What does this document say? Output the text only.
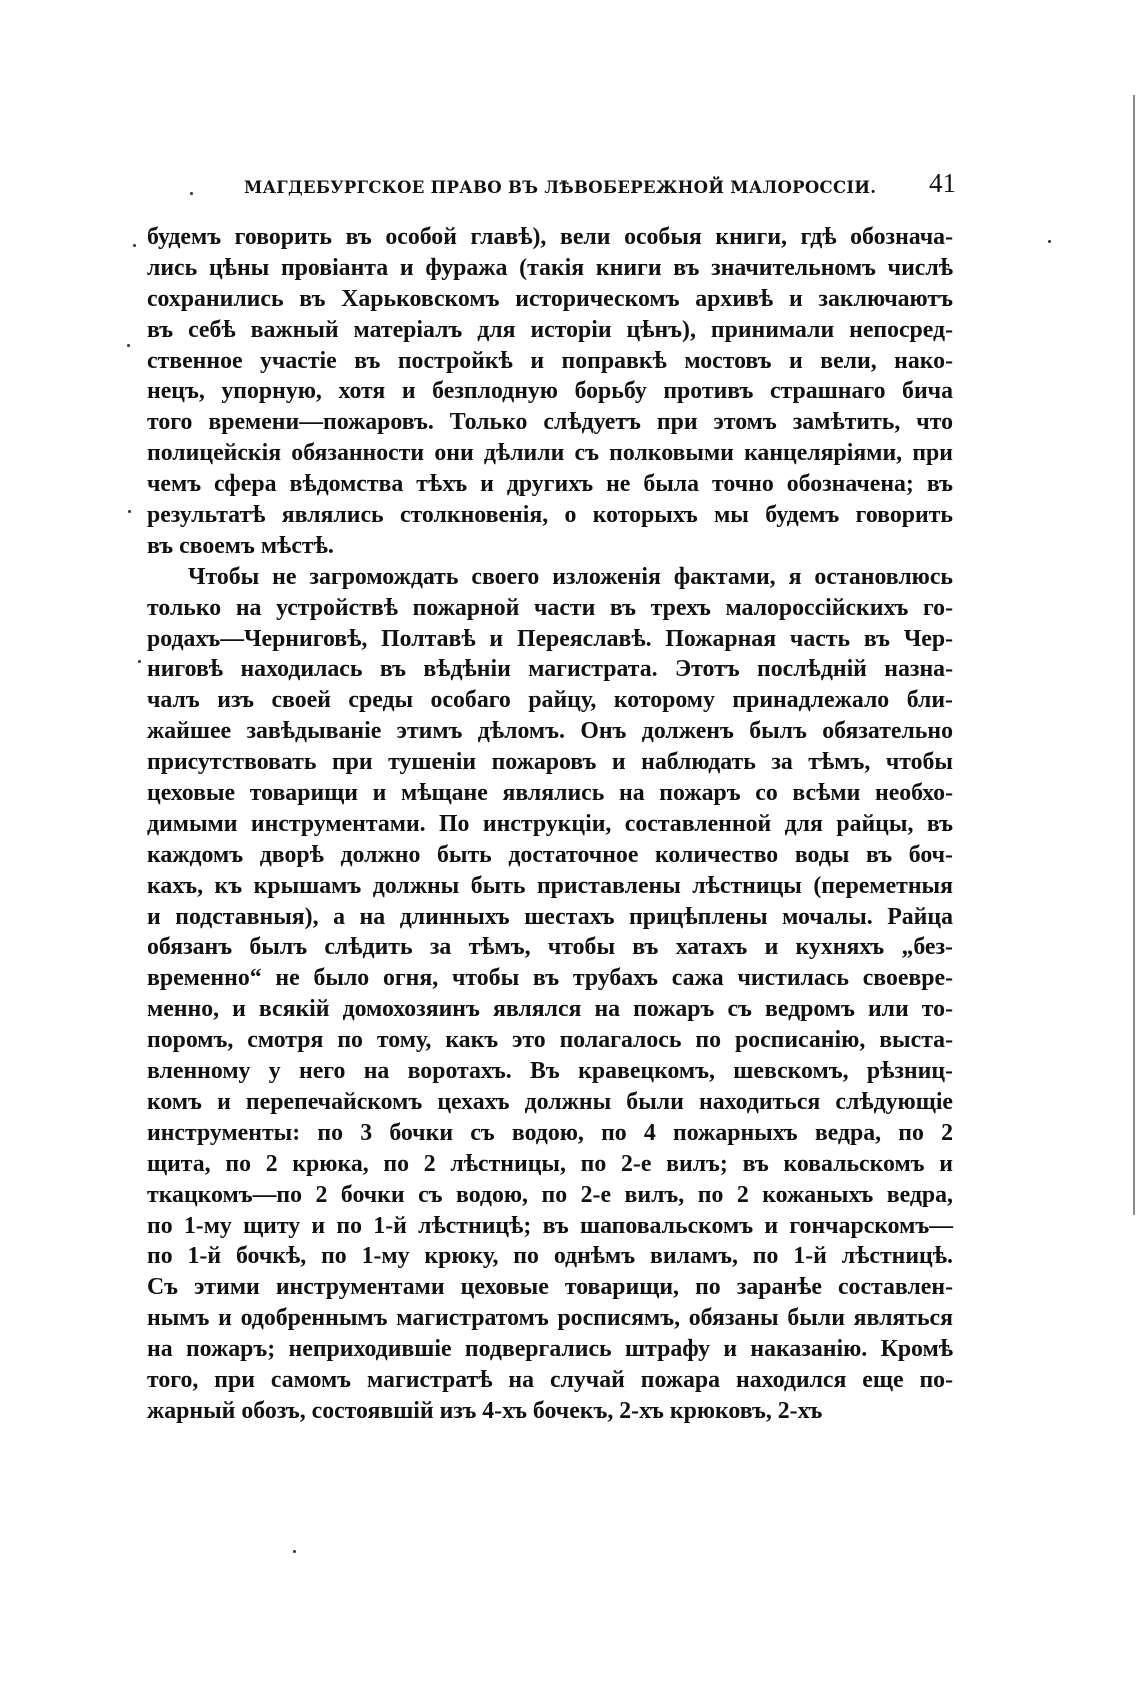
МАГДЕБУРГСКОЕ ПРАВО ВЪ ЛѢВОБЕРЕЖНОЙ МАЛОРОССІИ. 41
будемъ говорить въ особой главѣ), вели особыя книги, гдѣ обознача-
лись цѣны провіанта и фуража (такія книги въ значительномъ числѣ
сохранились въ Харьковскомъ историческомъ архивѣ и заключаютъ
въ себѣ важный матеріалъ для исторіи цѣнъ), принимали непосред-
ственное участіе въ постройкѣ и поправкѣ мостовъ и вели, нако-
нецъ, упорную, хотя и безплодную борьбу противъ страшнаго бича
того времени—пожаровъ. Только слѣдуетъ при этомъ замѣтить, что
полицейскія обязанности они дѣлили съ полковыми канцеляріями, при
чемъ сфера вѣдомства тѣхъ и другихъ не была точно обозначена; въ
результатѣ являлись столкновенія, о которыхъ мы будемъ говорить
въ своемъ мѣстѣ.
Чтобы не загромождать своего изложенія фактами, я остановлюсь
только на устройствѣ пожарной части въ трехъ малороссійскихъ го-
родахъ—Черниговѣ, Полтавѣ и Переяславѣ. Пожарная часть въ Чер-
ниговѣ находилась въ вѣдѣніи магистрата. Этотъ послѣдній назна-
чалъ изъ своей среды особаго райцу, которому принадлежало бли-
жайшее завѣдываніе этимъ дѣломъ. Онъ долженъ былъ обязательно
присутствовать при тушеніи пожаровъ и наблюдать за тѣмъ, чтобы
цеховые товарищи и мѣщане являлись на пожаръ со всѣми необхо-
димыми инструментами. По инструкціи, составленной для райцы, въ
каждомъ дворѣ должно быть достаточное количество воды въ боч-
кахъ, къ крышамъ должны быть приставлены лѣстницы (переметныя
и подставныя), а на длинныхъ шестахъ прицѣплены мочалы. Райца
обязанъ былъ слѣдить за тѣмъ, чтобы въ хатахъ и кухняхъ „без-
временно“ не было огня, чтобы въ трубахъ сажа чистилась своевре-
менно, и всякій домохозяинъ являлся на пожаръ съ ведромъ или то-
поромъ, смотря по тому, какъ это полагалось по росписанію, выста-
вленному у него на воротахъ. Въ кравецкомъ, шевскомъ, рѣзниц-
комъ и перепечайскомъ цехахъ должны были находиться слѣдующіе
инструменты: по 3 бочки съ водою, по 4 пожарныхъ ведра, по 2
щита, по 2 крюка, по 2 лѣстницы, по 2-е вилъ; въ ковальскомъ и
ткацкомъ—по 2 бочки съ водою, по 2-е вилъ, по 2 кожаныхъ ведра,
по 1-му щиту и по 1-й лѣстницѣ; въ шаповальскомъ и гончарскомъ—
по 1-й бочкѣ, по 1-му крюку, по однѣмъ виламъ, по 1-й лѣстницѣ.
Съ этими инструментами цеховые товарищи, по заранѣе составлен-
нымъ и одобреннымъ магистратомъ росписямъ, обязаны были являться
на пожаръ; неприходившіе подвергались штрафу и наказанію. Кромѣ
того, при самомъ магистратѣ на случай пожара находился еще по-
жарный обозъ, состоявшій изъ 4-хъ бочекъ, 2-хъ крюковъ, 2-хъ
